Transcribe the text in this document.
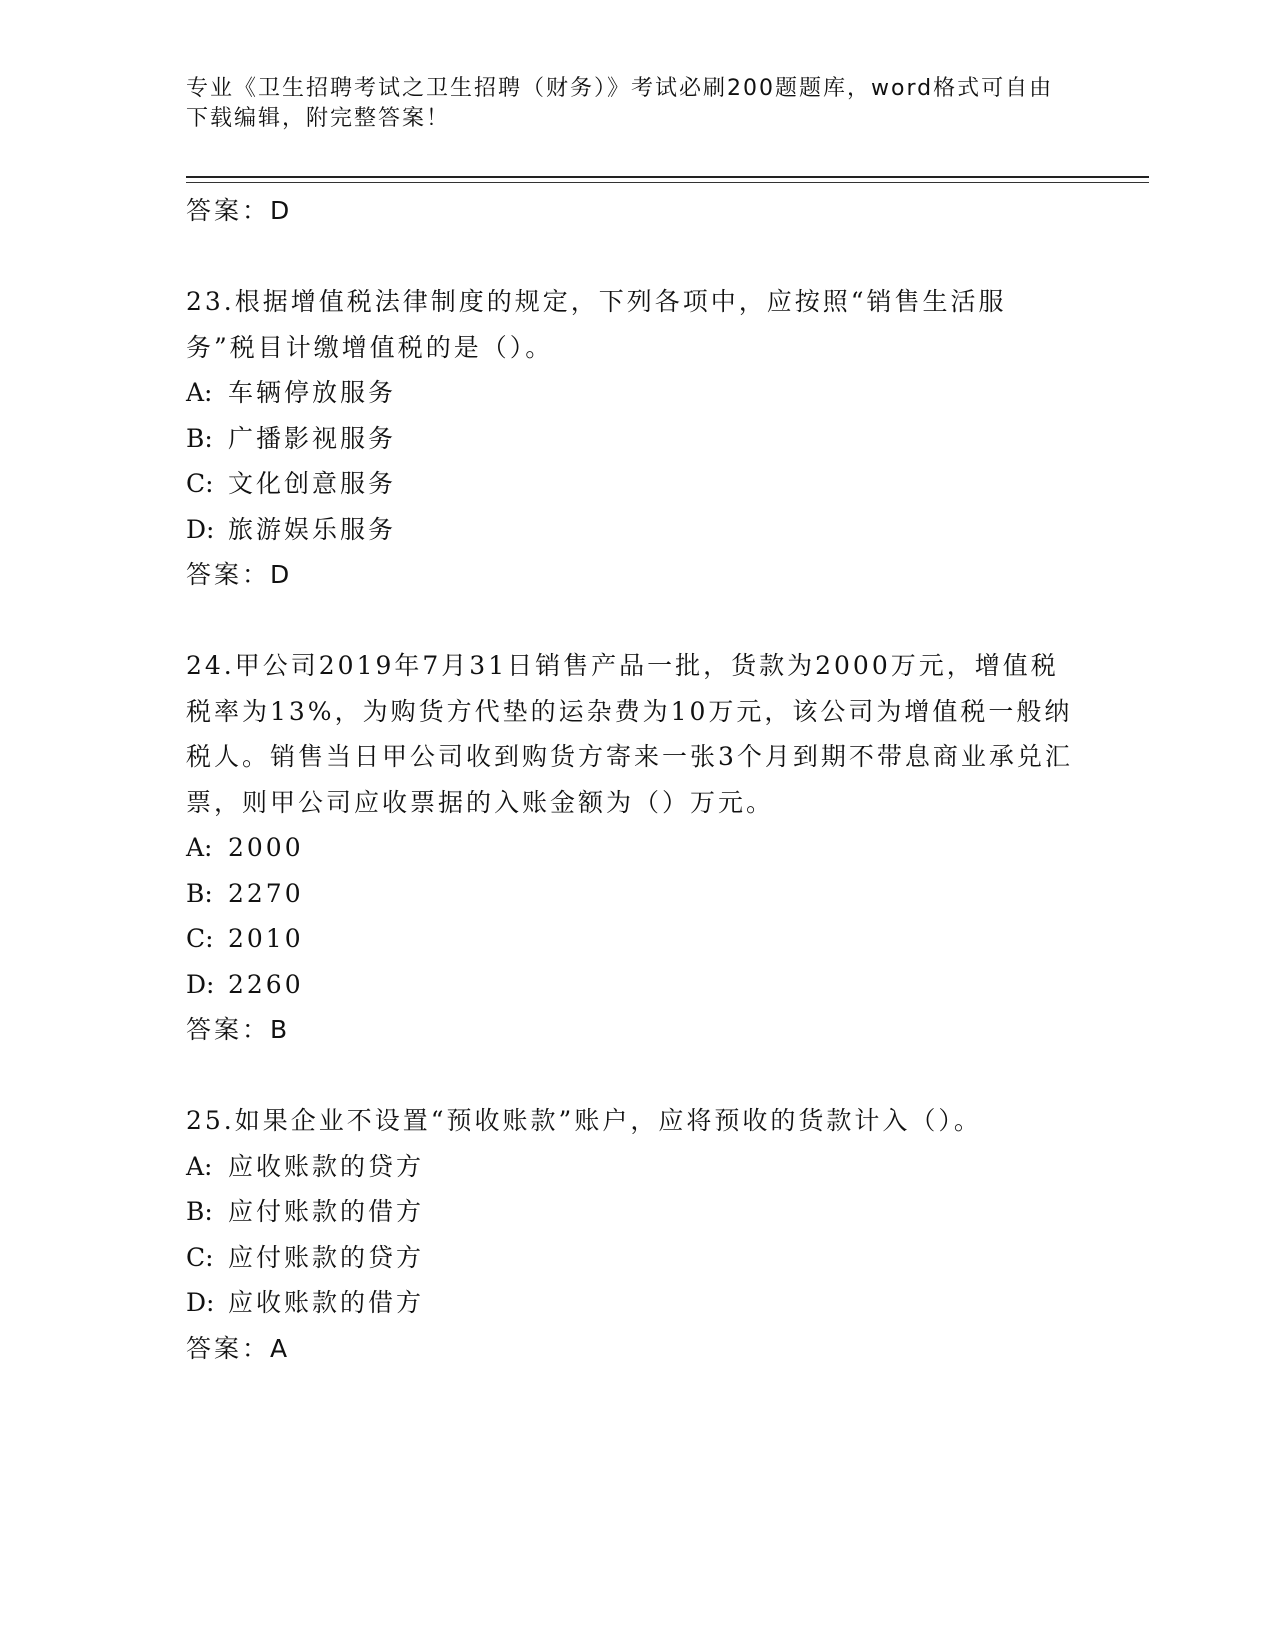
专业《卫生招聘考试之卫生招聘（财务）》考试必刷200题题库，word格式可自由下载编辑，附完整答案！
答案：D
23.根据增值税法律制度的规定，下列各项中，应按照“销售生活服务”税目计缴增值税的是（）。
A: 车辆停放服务
B: 广播影视服务
C: 文化创意服务
D: 旅游娱乐服务
答案：D
24.甲公司2019年7月31日销售产品一批，货款为2000万元，增值税税率为13%，为购货方代垫的运杂费为10万元，该公司为增值税一般纳税人。销售当日甲公司收到购货方寄来一张3个月到期不带息商业承兑汇票，则甲公司应收票据的入账金额为（）万元。
A: 2000
B: 2270
C: 2010
D: 2260
答案：B
25.如果企业不设置“预收账款”账户，应将预收的货款计入（）。
A: 应收账款的贷方
B: 应付账款的借方
C: 应付账款的贷方
D: 应收账款的借方
答案：A
